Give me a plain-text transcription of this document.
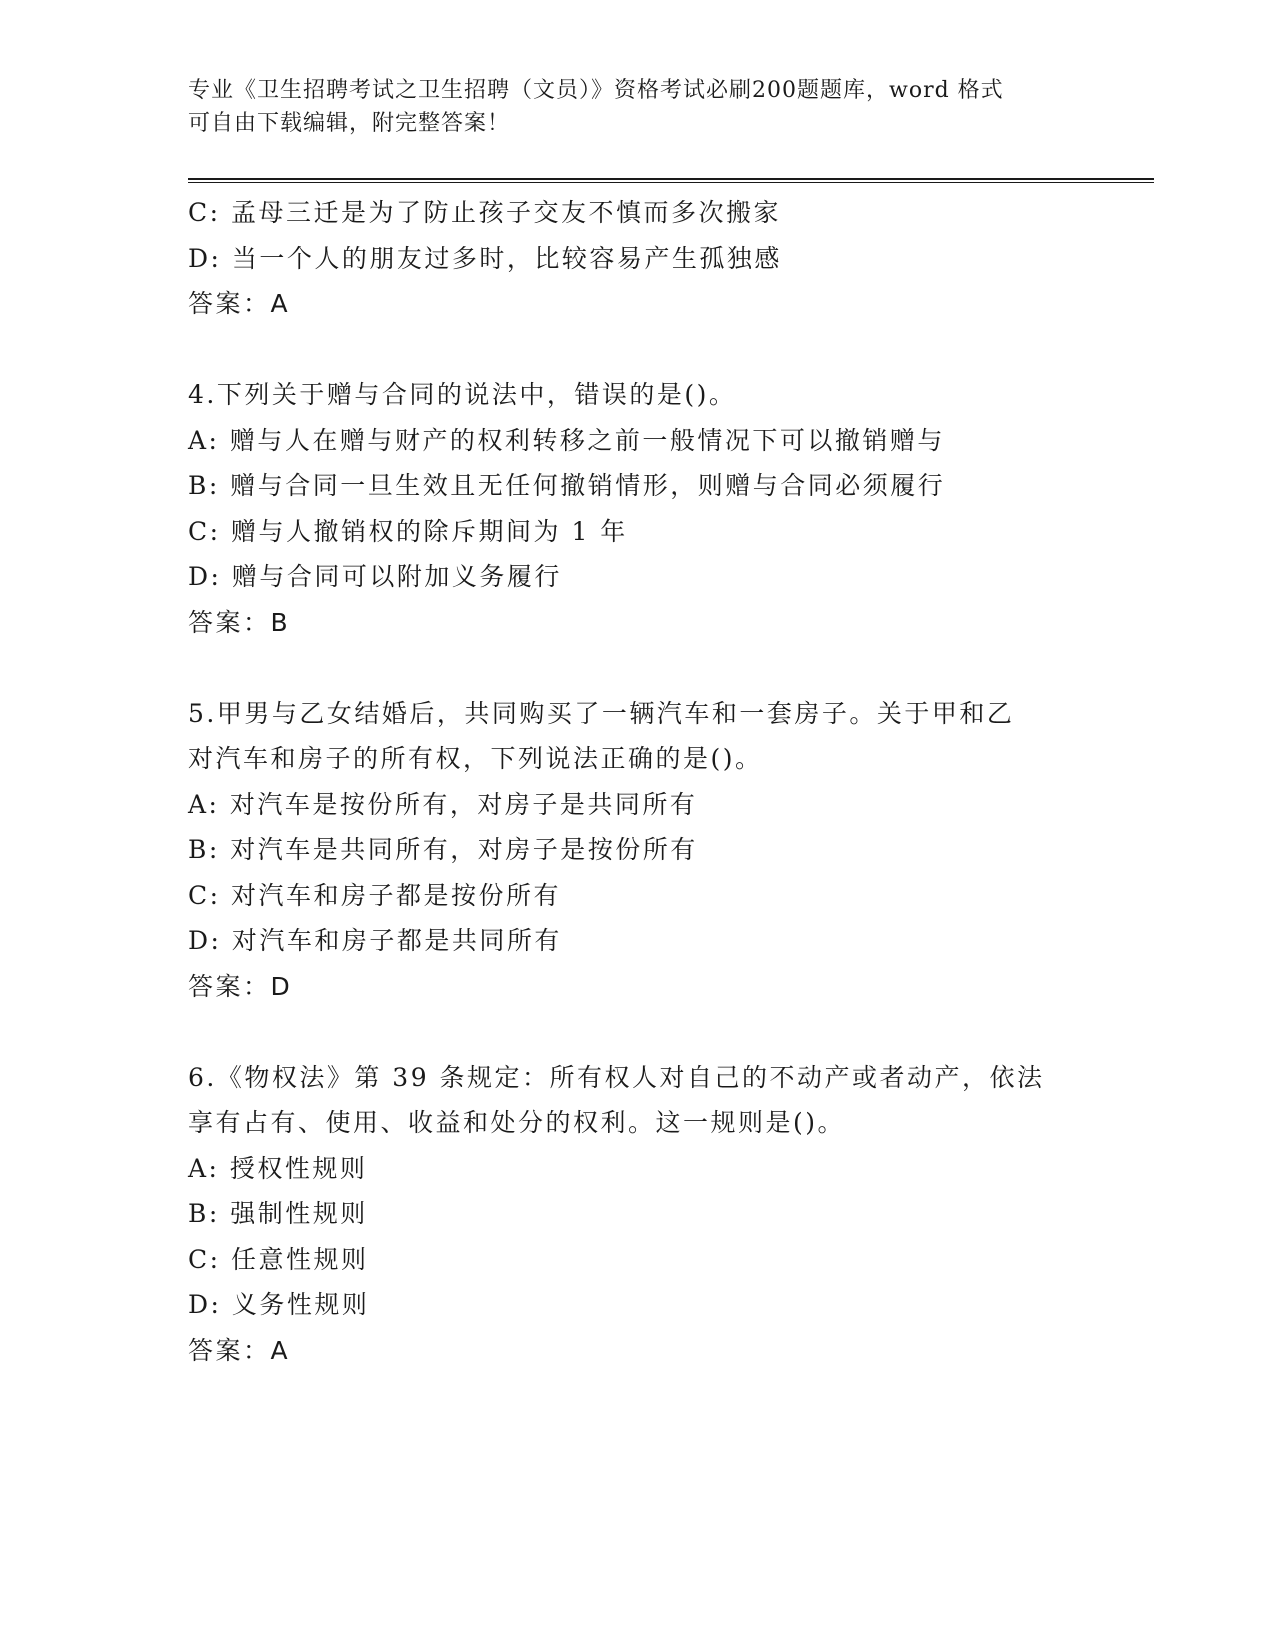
专业《卫生招聘考试之卫生招聘（文员）》资格考试必刷200题题库，word 格式
可自由下载编辑，附完整答案！
C: 孟母三迁是为了防止孩子交友不慎而多次搬家
D: 当一个人的朋友过多时，比较容易产生孤独感
答案：A
4.下列关于赠与合同的说法中，错误的是()。
A: 赠与人在赠与财产的权利转移之前一般情况下可以撤销赠与
B: 赠与合同一旦生效且无任何撤销情形，则赠与合同必须履行
C: 赠与人撤销权的除斥期间为 1 年
D: 赠与合同可以附加义务履行
答案：B
5.甲男与乙女结婚后，共同购买了一辆汽车和一套房子。关于甲和乙
对汽车和房子的所有权，下列说法正确的是()。
A: 对汽车是按份所有，对房子是共同所有
B: 对汽车是共同所有，对房子是按份所有
C: 对汽车和房子都是按份所有
D: 对汽车和房子都是共同所有
答案：D
6.《物权法》第 39 条规定：所有权人对自己的不动产或者动产，依法
享有占有、使用、收益和处分的权利。这一规则是()。
A: 授权性规则
B: 强制性规则
C: 任意性规则
D: 义务性规则
答案：A
